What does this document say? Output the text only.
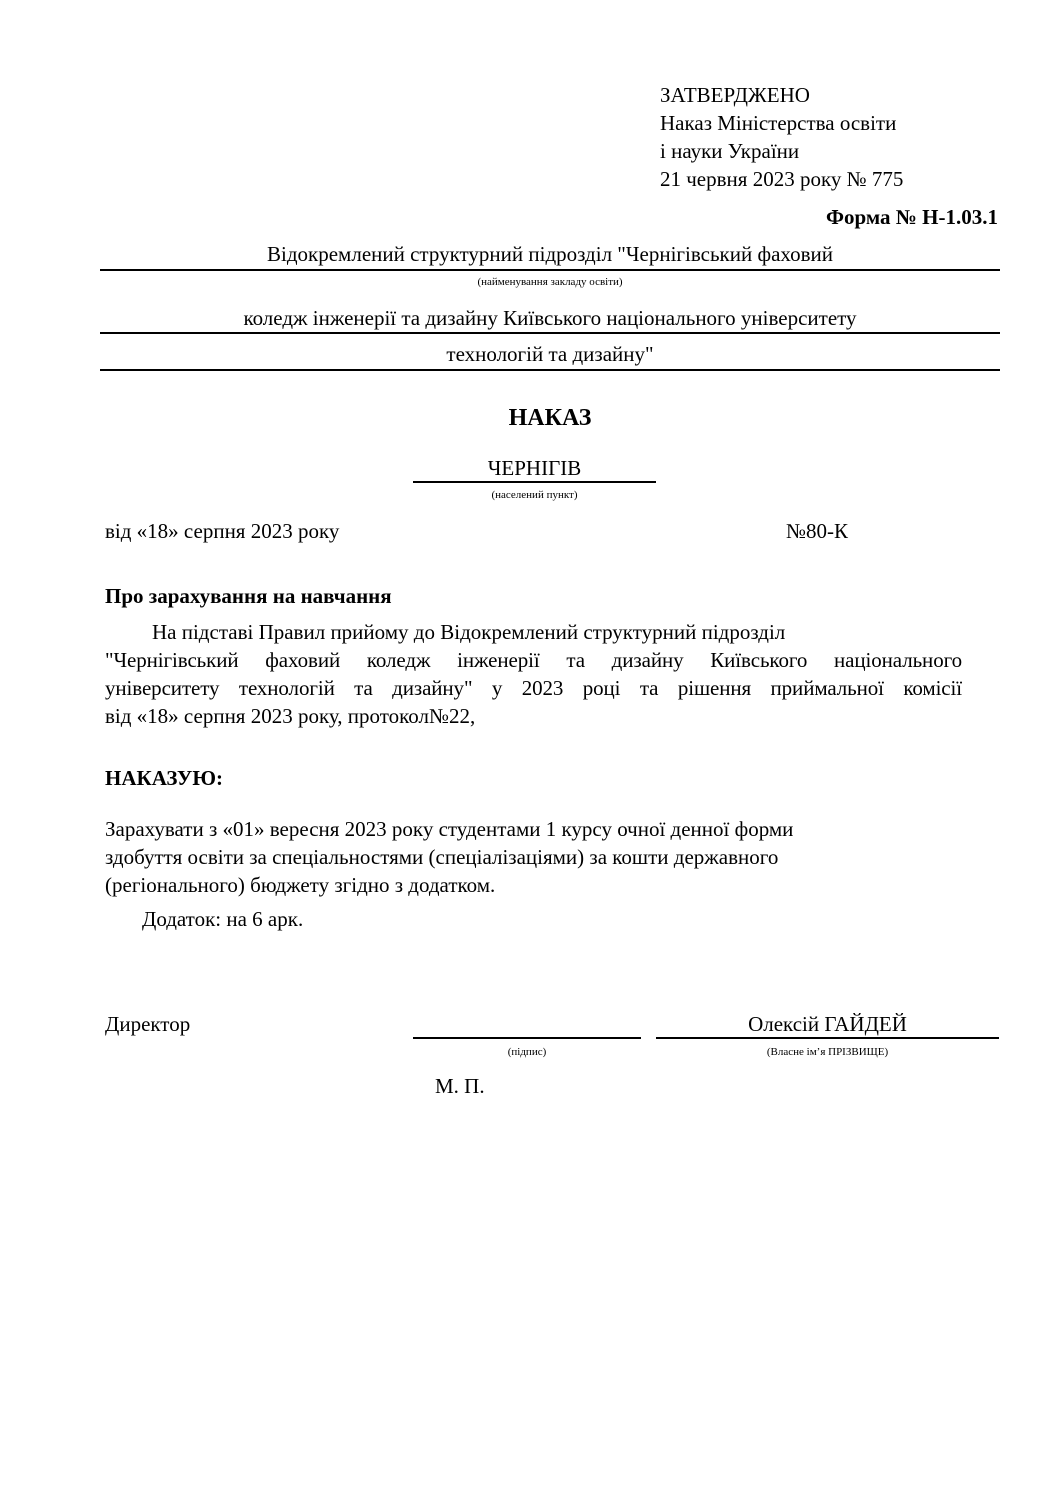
ЗАТВЕРДЖЕНО
Наказ Міністерства освіти
і науки України
21 червня 2023 року № 775
Форма № Н-1.03.1
Відокремлений структурний підрозділ "Чернігівський фаховий
(найменування закладу освіти)
коледж інженерії та дизайну Київського національного університету
технологій та дизайну"
НАКАЗ
ЧЕРНІГІВ
(населений пункт)
від «18» серпня 2023 року	№80-К
Про зарахування на навчання
На підставі Правил прийому до Відокремлений структурний підрозділ
"Чернігівський фаховий коледж інженерії та дизайну Київського національного
університету технологій та дизайну" у 2023 році та рішення приймальної комісії
від «18» серпня 2023 року, протокол№22,
НАКАЗУЮ:
Зарахувати з «01» вересня 2023 року студентами 1 курсу очної денної форми
здобуття освіти за спеціальностями (спеціалізаціями) за кошти державного
(регіонального) бюджету згідно з додатком.
Додаток: на 6 арк.
Директор
(підпис)
Олексій ГАЙДЕЙ
(Власне ім’я ПРІЗВИЩЕ)
М. П.
